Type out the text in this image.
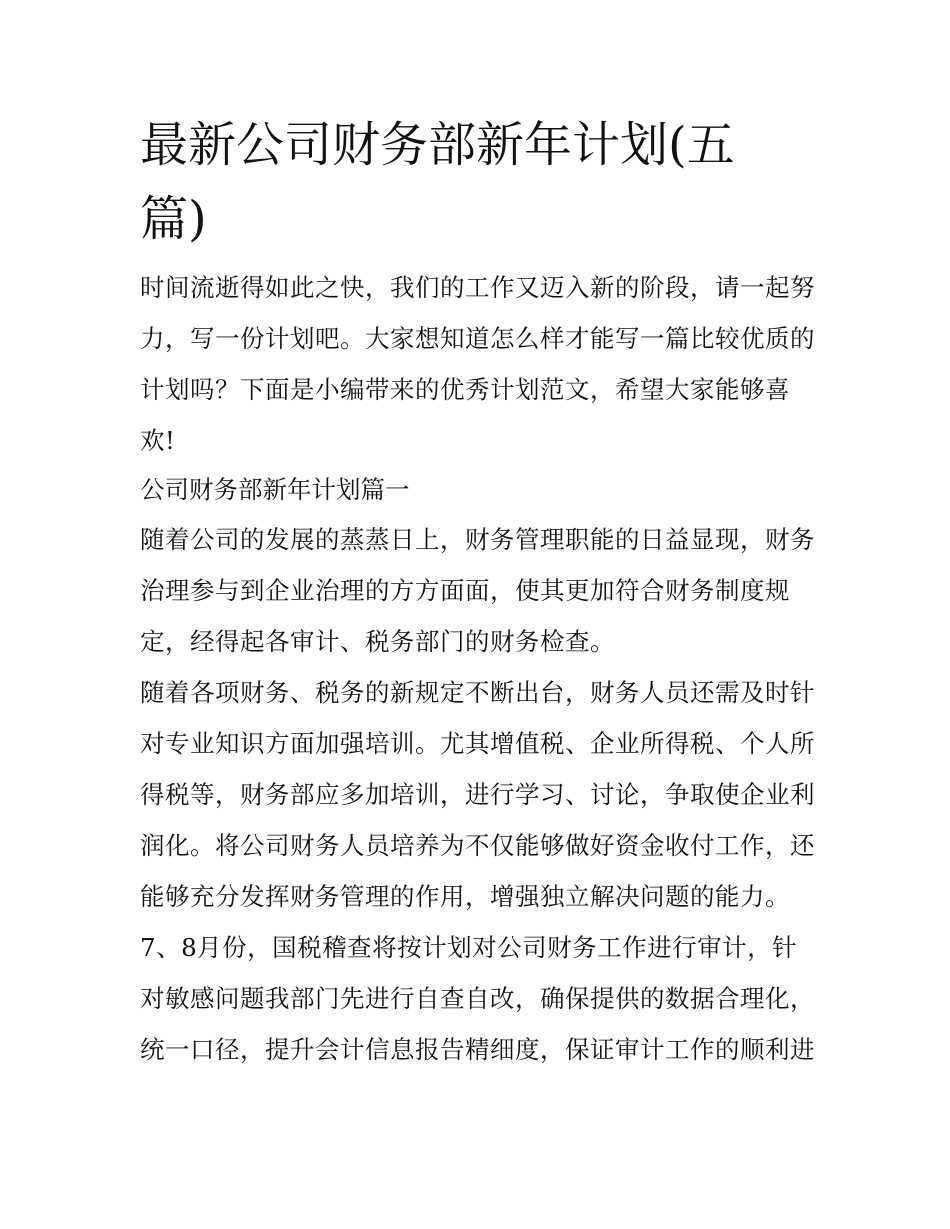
最新公司财务部新年计划(五篇)

时间流逝得如此之快，我们的工作又迈入新的阶段，请一起努力，写一份计划吧。大家想知道怎么样才能写一篇比较优质的计划吗？下面是小编带来的优秀计划范文，希望大家能够喜欢!

公司财务部新年计划篇一

随着公司的发展的蒸蒸日上，财务管理职能的日益显现，财务治理参与到企业治理的方方面面，使其更加符合财务制度规定，经得起各审计、税务部门的财务检查。

随着各项财务、税务的新规定不断出台，财务人员还需及时针对专业知识方面加强培训。尤其增值税、企业所得税、个人所得税等，财务部应多加培训，进行学习、讨论，争取使企业利润化。将公司财务人员培养为不仅能够做好资金收付工作，还能够充分发挥财务管理的作用，增强独立解决问题的能力。

7、8月份，国税稽查将按计划对公司财务工作进行审计，针对敏感问题我部门先进行自查自改，确保提供的数据合理化，统一口径，提升会计信息报告精细度，保证审计工作的顺利进
